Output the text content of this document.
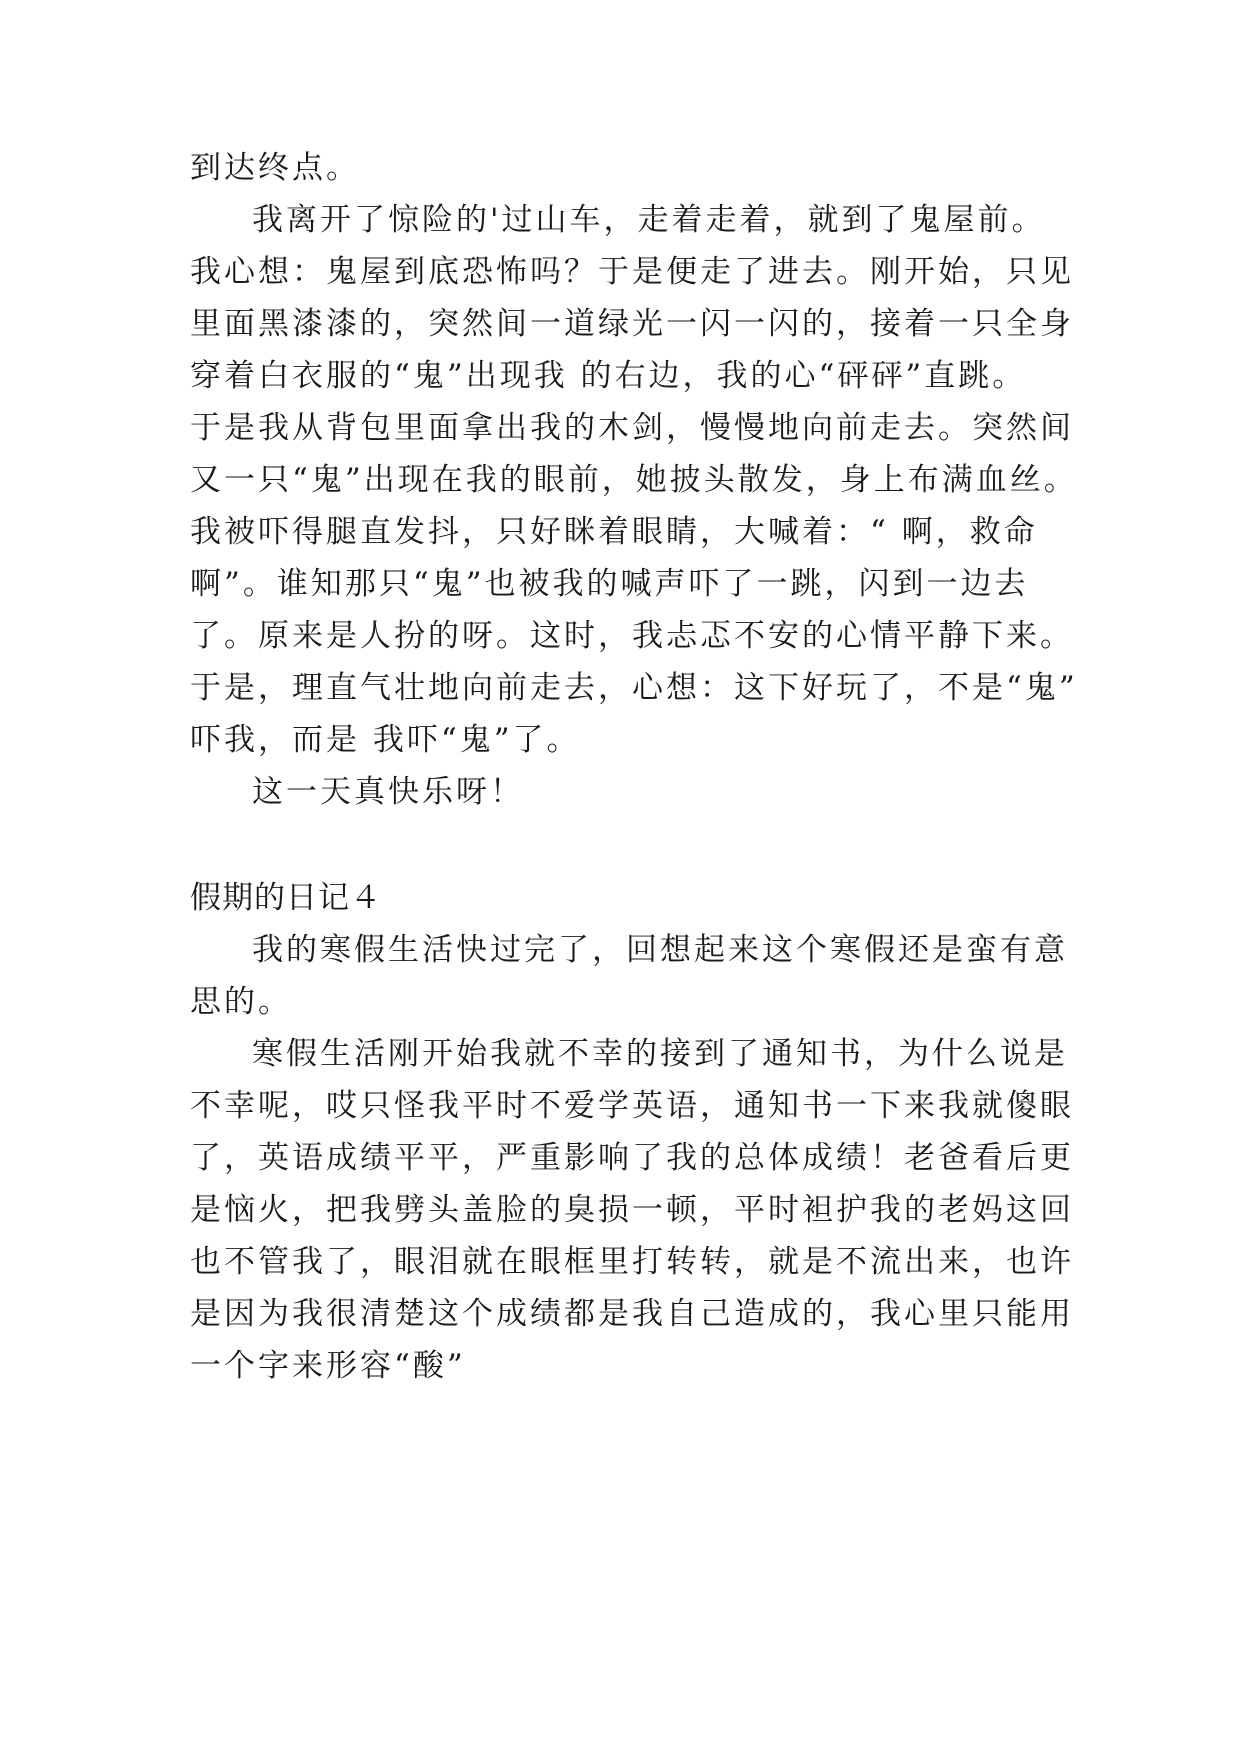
到达终点。
我离开了惊险的'过山车，走着走着，就到了鬼屋前。
我心想：鬼屋到底恐怖吗？于是便走了进去。刚开始，只见
里面黑漆漆的，突然间一道绿光一闪一闪的，接着一只全身
穿着白衣服的“鬼”出现我 的右边，我的心“砰砰”直跳。
于是我从背包里面拿出我的木剑，慢慢地向前走去。突然间
又一只“鬼”出现在我的眼前，她披头散发，身上布满血丝。
我被吓得腿直发抖，只好眯着眼睛，大喊着：“ 啊，救命
啊”。谁知那只“鬼”也被我的喊声吓了一跳，闪到一边去
了。原来是人扮的呀。这时，我忐忑不安的心情平静下来。
于是，理直气壮地向前走去，心想：这下好玩了，不是“鬼”
吓我，而是 我吓“鬼”了。
这一天真快乐呀！
假期的日记４
我的寒假生活快过完了，回想起来这个寒假还是蛮有意
思的。
寒假生活刚开始我就不幸的接到了通知书，为什么说是
不幸呢，哎只怪我平时不爱学英语，通知书一下来我就傻眼
了，英语成绩平平，严重影响了我的总体成绩！老爸看后更
是恼火，把我劈头盖脸的臭损一顿，平时袒护我的老妈这回
也不管我了，眼泪就在眼框里打转转，就是不流出来，也许
是因为我很清楚这个成绩都是我自己造成的，我心里只能用
一个字来形容“酸”
